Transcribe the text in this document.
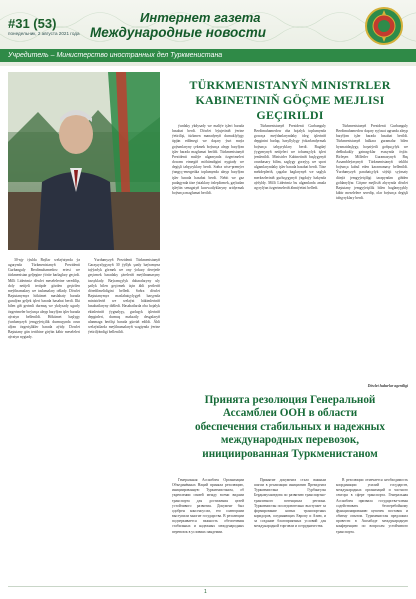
#31 (53)
понедельник, 2 августа 2021 года
Интернет газета
Международные новости
Учредитель – Министерство иностранных дел Туркменистана
TÜRKMENISTANYŇ MINISTRLER
KABINETINIŇ GÖÇME MEJLISI
GEÇIRILDI

30-njy iýulda Baýlar welaýatynda ýa ugurynda Türkmenistanyň Prezidenti Gurbanguly Berdimuhamedow ertesi we türkmenistan geljegine ýörite barlaglary geçirdi. Milli Liderimiz döwlet meselelerine seredilip, doly netijeli tertipde gözden geçirilen meýilnamalary we taslamalary oňlady. Döwlet Baştutanymyz hökümet maslahaty barada gurulýan geljek işleri barada hasabat berdi. Ilki bilen giň gerimli durmuş we ykdysady ugurly özgertmeler boýunça alnyp barylýan işler barada aýratyn bellenildi. Hökümet başlygy ýurdumyzyň jemgyýetçilik durmuşynda orun alýan özgerişlikler barada aýtdy. Dowlet Baştutany gün tertibine girýän käbir meseleleri aýratyn nygtady.

Ýurdumyzyň Prezidenti Türkmenistanyň Garaşsyzlygynyň 30 ýyllyk şanly baýramyna taýýarlyk görmek we ony ýokary derejede geçirmek baradaky çäreleriň meýilnamasyny tassyklady. Baýramçylyk dabaralaryny uly şatlyk bilen geçirmek üçin ähli şertleriň döredilmelidigini belledi. Soňra döwlet Baştutanymyz maslahatçylygyň barşynda ministrleriň we welaýat häkimleriniň hasabatlaryny diňledi. Hasabatlarda oba hojalyk ekinleriniň ýygnalyşy, gurluşyk işleriniň depginleri, durmuş maksatly desgalaryň ulanmaga berilişi barada gürrüň edildi. Ähli welaýatlarda meýilnamalaryň wagtynda ýerine ýetirilýändigi bellenildi.

ýurdaky ykdysady we maliýe işleri barada hasabat berdi. Döwlet býujetiniň ýerine ýetirilişi, türkmen manadynyň durnuklylygy üpjün edilmegi we daşary ýurt maýa goýumlaryny çekmek boýunça alnyp barylýan işler barada maglumat berildi. Türkmenistanyň Prezidenti maliýe ulgamynda özgertmeleri dowam etmegiň möhümdigini nygtady we degişli tabşyryklary berdi. Soňra wise-premýer ýangyç-energetika toplumynda alnyp barylýan işler barada hasabat berdi. Nebit we gaz pudagynda täze ýataklary özleşdirmek, gaýtadan işleýän senagatyň kuwwatlyklaryny artdyrmak boýunça maglumat berildi.

Türkmenistanyň Prezidenti Gurbanguly Berdimuhamedow oba hojalyk toplumynda gowaça meýdanlaryndaky ideg işleriniň depginini barlap, hasyllylygy ýokarlandyrmak boýunça tabşyryklary berdi. Bugdaý ýygymynyň netijeleri we tohumçylyk işleri jemlenildi. Ministrler Kabinetiniň başlygynyň orunbasary bilim, saglygy goraýyş we sport ulgamlaryndaky işler barada hasabat berdi. Täze mekdepleriň, çagalar baglarynyň we saglyk merkezleriniň gurluşygynyň ýagdaýy hakynda aýdyldy. Milli Liderimiz bu ulgamlarda amala aşyrylýan özgertmeleriň ähmiýetini belledi.

Türkmenistanyň Prezidenti Gurbanguly Berdimuhamedow daşary syýasat ugrunda alnyp barylýan işler barada hasabat berildi. Türkmenistanyň halkara guramalar bilen hyzmatdaşlygy, hoşniýetli goňşuçylyk we deňhukukly gatnaşyklar esasynda ösýär. Birleşen Milletler Guramasynyň Baş Assambleýasynyň Türkmenistanyň teklibi boýunça kabul eden kararnamasy bellenildi. Ýurdumyzyň parahatçylyk söýüji syýasaty dünýä jemgyýetçiligi tarapyndan giňden goldanylýar. Göçme mejlisiň ahyrynda döwlet Baştutany jemgyýetçilik bilen baglanyşykly käbir meselelere seredip, olar boýunça degişli tabşyryklary berdi.

Döwlet habarlar agentligi
Принята резолюция Генеральной
Ассамблеи ООН в области
обеспечения стабильных и надежных
международных перевозок,
инициированная Туркменистаном

Генеральная Ассамблея Организации Объединённых Наций приняла резолюцию, инициированную Туркменистаном, об укреплении связей между всеми видами транспорта для достижения целей устойчивого развития. Документ был одобрен консенсусом, его соавторами выступили многие государства. В резолюции подчеркивается важность обеспечения стабильных и надежных международных перевозок в условиях пандемии.

Принятие документа стало важным шагом в реализации инициатив Президента Туркменистана Гурбангулы Бердымухамедова по развитию транспортно-транзитного потенциала региона. Туркменистан последовательно выступает за формирование новых транспортных коридоров, соединяющих Европу и Азию, и за создание благоприятных условий для международной торговли и сотрудничества.

В резолюции отмечается необходимость координации усилий государств, международных организаций и частного сектора в сфере транспорта. Генеральная Ассамблея призвала государства-члены содействовать бесперебойному функционированию цепочек поставок и обмену опытом. Туркменистан предложил провести в Ашхабаде международную конференцию по вопросам устойчивого транспорта.

1
